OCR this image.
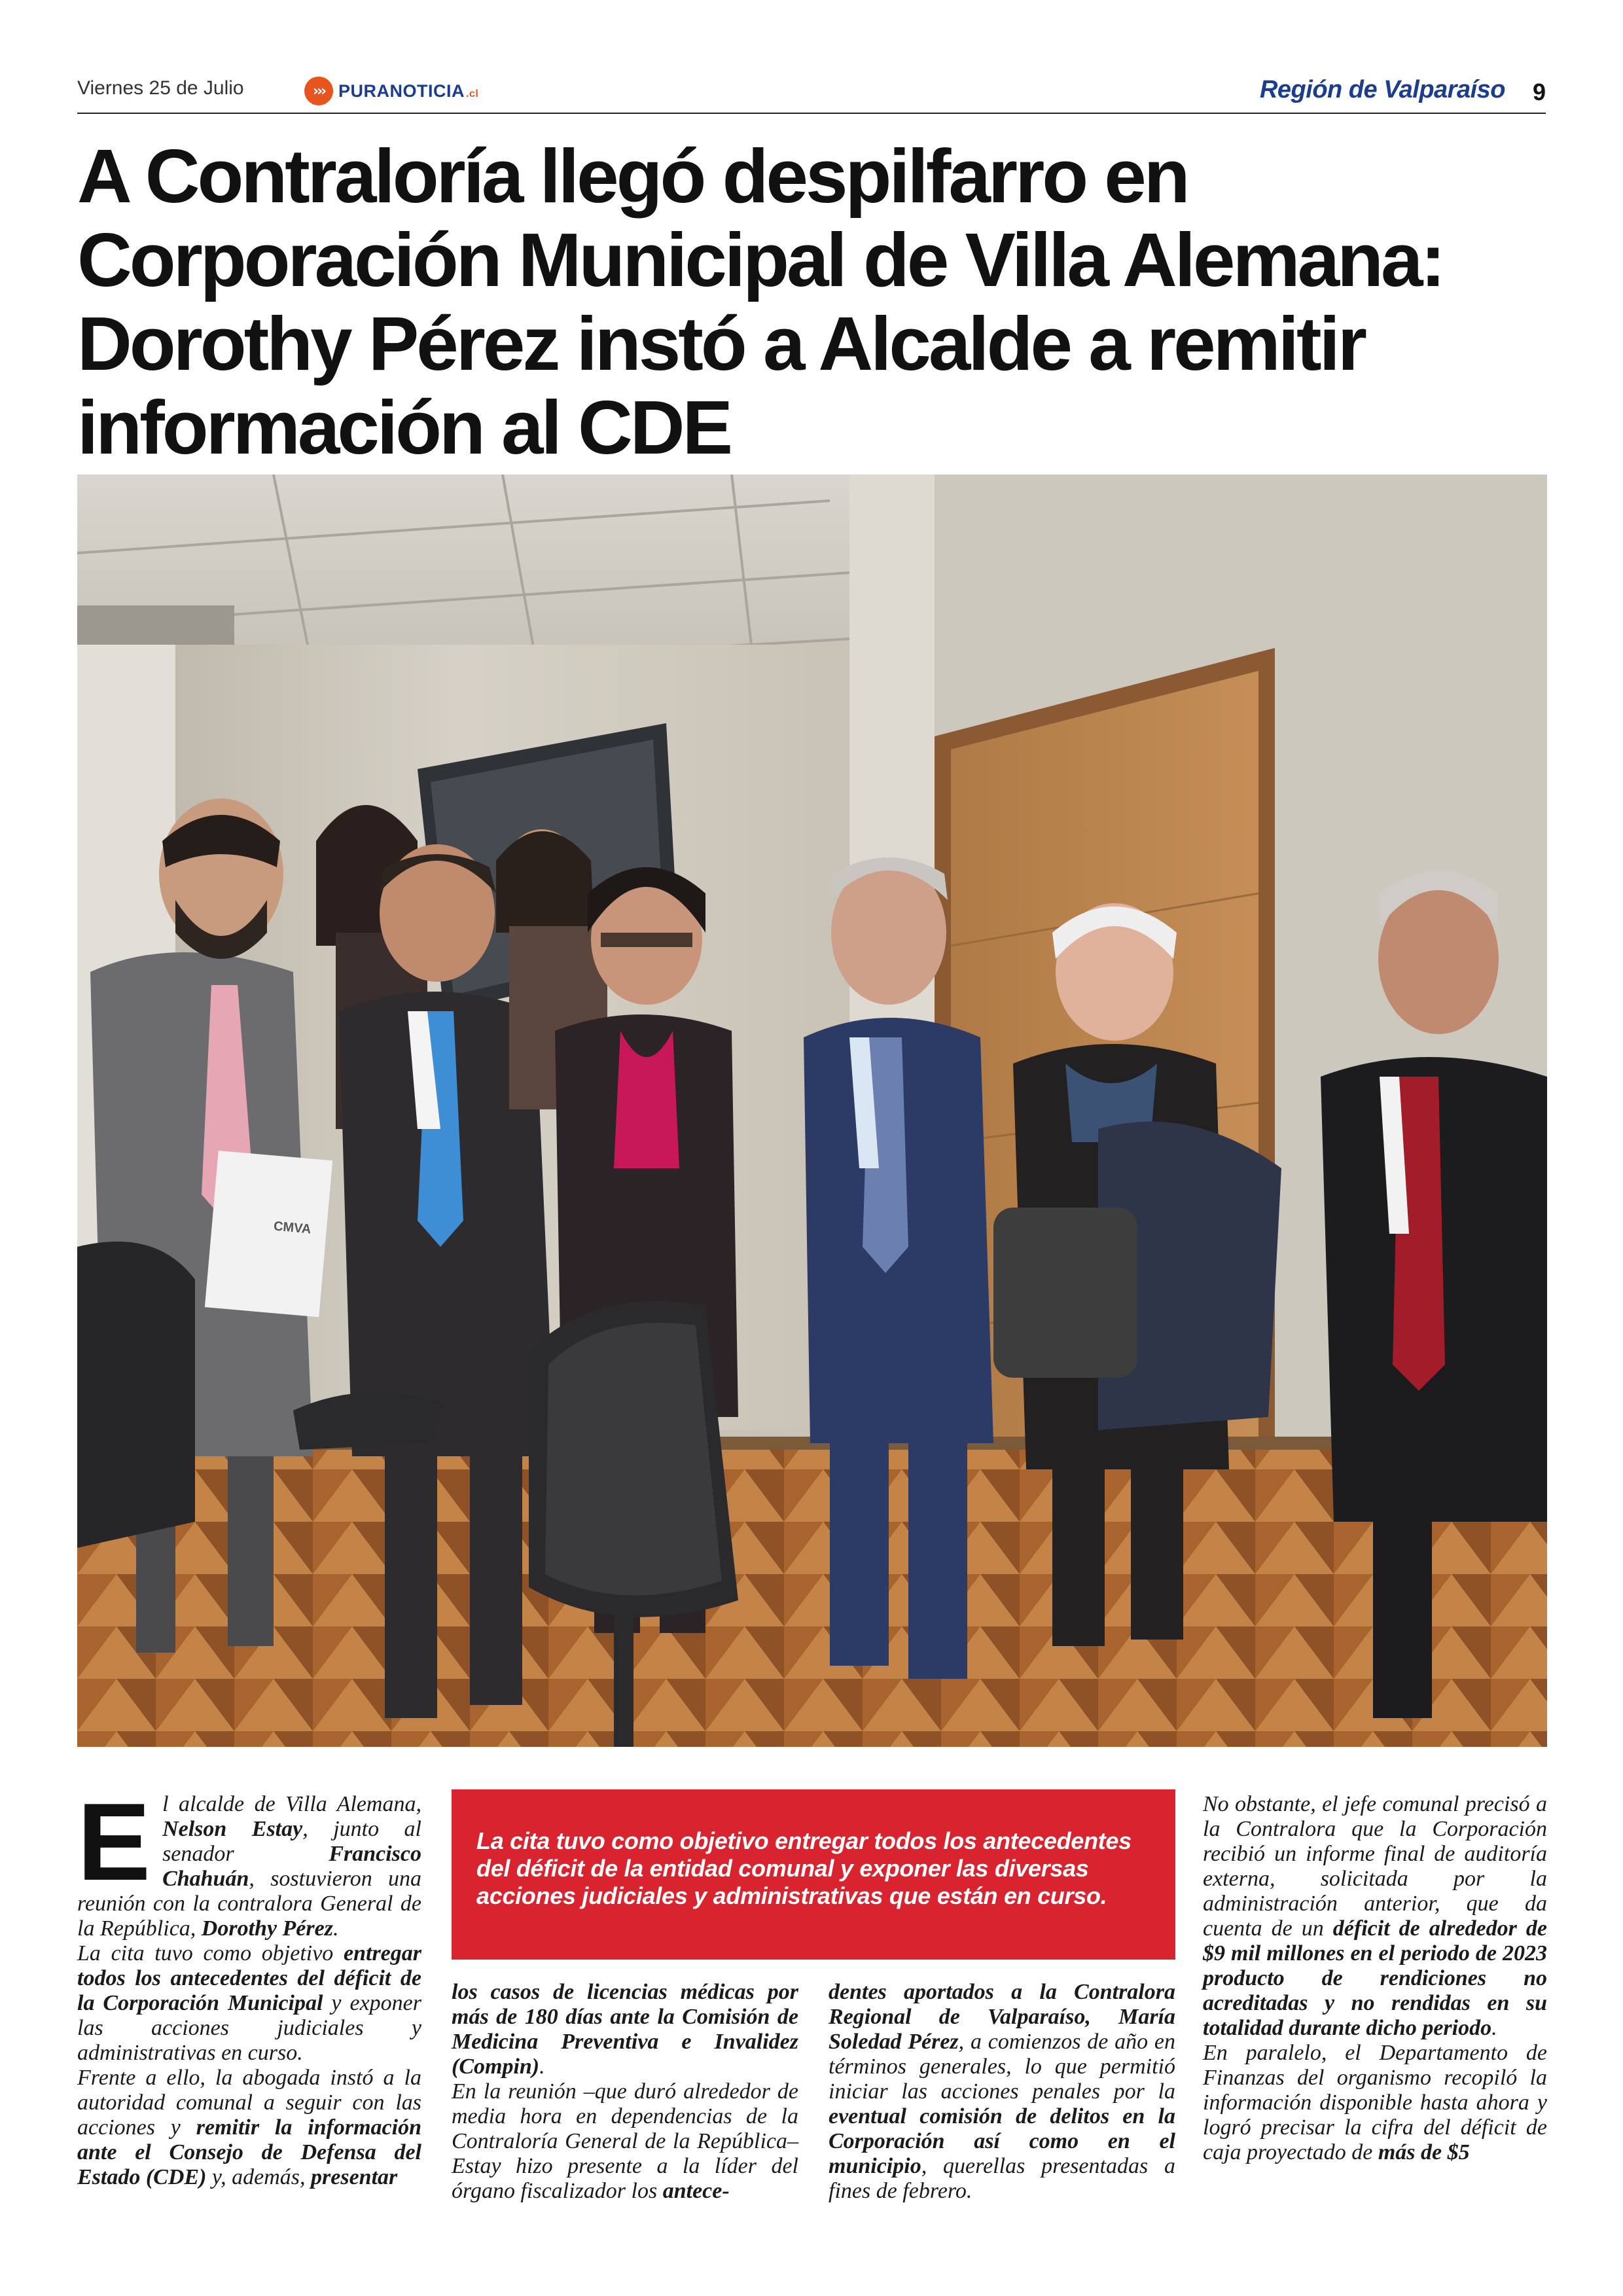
Viernes 25 de Julio	››› PURANOTICIA .cl	Región de Valparaíso 9
A Contraloría llegó despilfarro en Corporación Municipal de Villa Alemana: Dorothy Pérez instó a Alcalde a remitir información al CDE
CMVA
La cita tuvo como objetivo entregar todos los antecedentes del déficit de la entidad comunal y exponer las diversas acciones judiciales y administrativas que están en curso.
E l alcalde de Villa Alemana, Nelson Estay, junto al senador Francisco Chahuán, sostuvieron una reunión con la contralora General de la República, Dorothy Pérez.
La cita tuvo como objetivo entregar todos los antecedentes del déficit de la Corporación Municipal y exponer las acciones judiciales y administrativas en curso.
Frente a ello, la abogada instó a la autoridad comunal a seguir con las acciones y remitir la información ante el Consejo de Defensa del Estado (CDE) y, además, presentar
los casos de licencias médicas por más de 180 días ante la Comisión de Medicina Preventiva e Invalidez (Compin).
En la reunión –que duró alrededor de media hora en dependencias de la Contraloría General de la República– Estay hizo presente a la líder del órgano fiscalizador los antece-
dentes aportados a la Contralora Regional de Valparaíso, María Soledad Pérez, a comienzos de año en términos generales, lo que permitió iniciar las acciones penales por la eventual comisión de delitos en la Corporación así como en el municipio, querellas presentadas a fines de febrero.
No obstante, el jefe comunal precisó a la Contralora que la Corporación recibió un informe final de auditoría externa, solicitada por la administración anterior, que da cuenta de un déficit de alrededor de $9 mil millones en el periodo de 2023 producto de rendiciones no acreditadas y no rendidas en su totalidad durante dicho periodo.
En paralelo, el Departamento de Finanzas del organismo recopiló la información disponible hasta ahora y logró precisar la cifra del déficit de caja proyectado de más de $5
